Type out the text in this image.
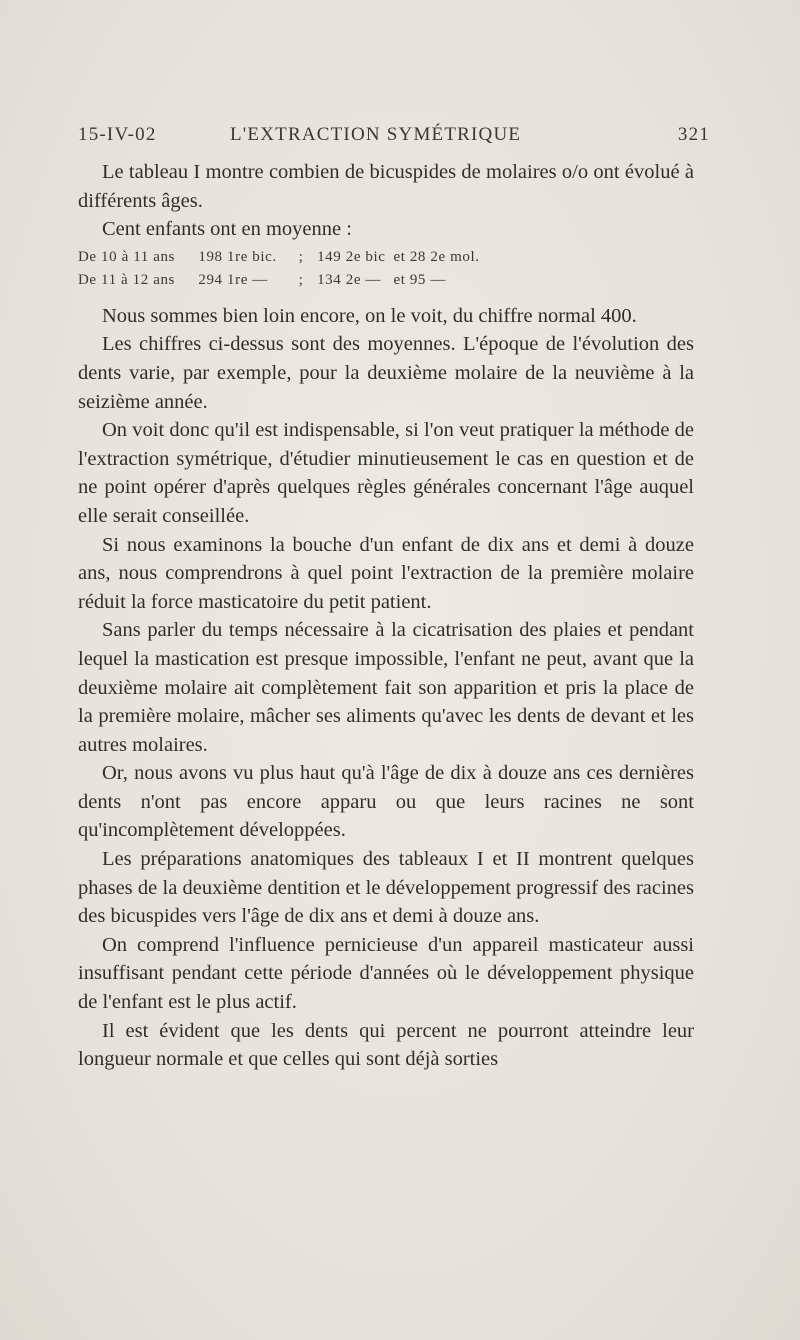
15-IV-02	L'EXTRACTION SYMÉTRIQUE	321

Le tableau I montre combien de bicuspides de molaires o/o ont évolué à différents âges.

Cent enfants ont en moyenne :

De 10 à 11 ans 198 1re bic. ; 149 2e bic et 28 2e mol.
De 11 à 12 ans 294 1re — ; 134 2e — et 95 —

Nous sommes bien loin encore, on le voit, du chiffre normal 400.

Les chiffres ci-dessus sont des moyennes. L'époque de l'évolution des dents varie, par exemple, pour la deuxième molaire de la neuvième à la seizième année.

On voit donc qu'il est indispensable, si l'on veut pratiquer la méthode de l'extraction symétrique, d'étudier minutieusement le cas en question et de ne point opérer d'après quelques règles générales concernant l'âge auquel elle serait conseillée.

Si nous examinons la bouche d'un enfant de dix ans et demi à douze ans, nous comprendrons à quel point l'extraction de la première molaire réduit la force masticatoire du petit patient.

Sans parler du temps nécessaire à la cicatrisation des plaies et pendant lequel la mastication est presque impossible, l'enfant ne peut, avant que la deuxième molaire ait complètement fait son apparition et pris la place de la première molaire, mâcher ses aliments qu'avec les dents de devant et les autres molaires.

Or, nous avons vu plus haut qu'à l'âge de dix à douze ans ces dernières dents n'ont pas encore apparu ou que leurs racines ne sont qu'incomplètement développées.

Les préparations anatomiques des tableaux I et II montrent quelques phases de la deuxième dentition et le développement progressif des racines des bicuspides vers l'âge de dix ans et demi à douze ans.

On comprend l'influence pernicieuse d'un appareil masticateur aussi insuffisant pendant cette période d'années où le développement physique de l'enfant est le plus actif.

Il est évident que les dents qui percent ne pourront atteindre leur longueur normale et que celles qui sont déjà sorties
